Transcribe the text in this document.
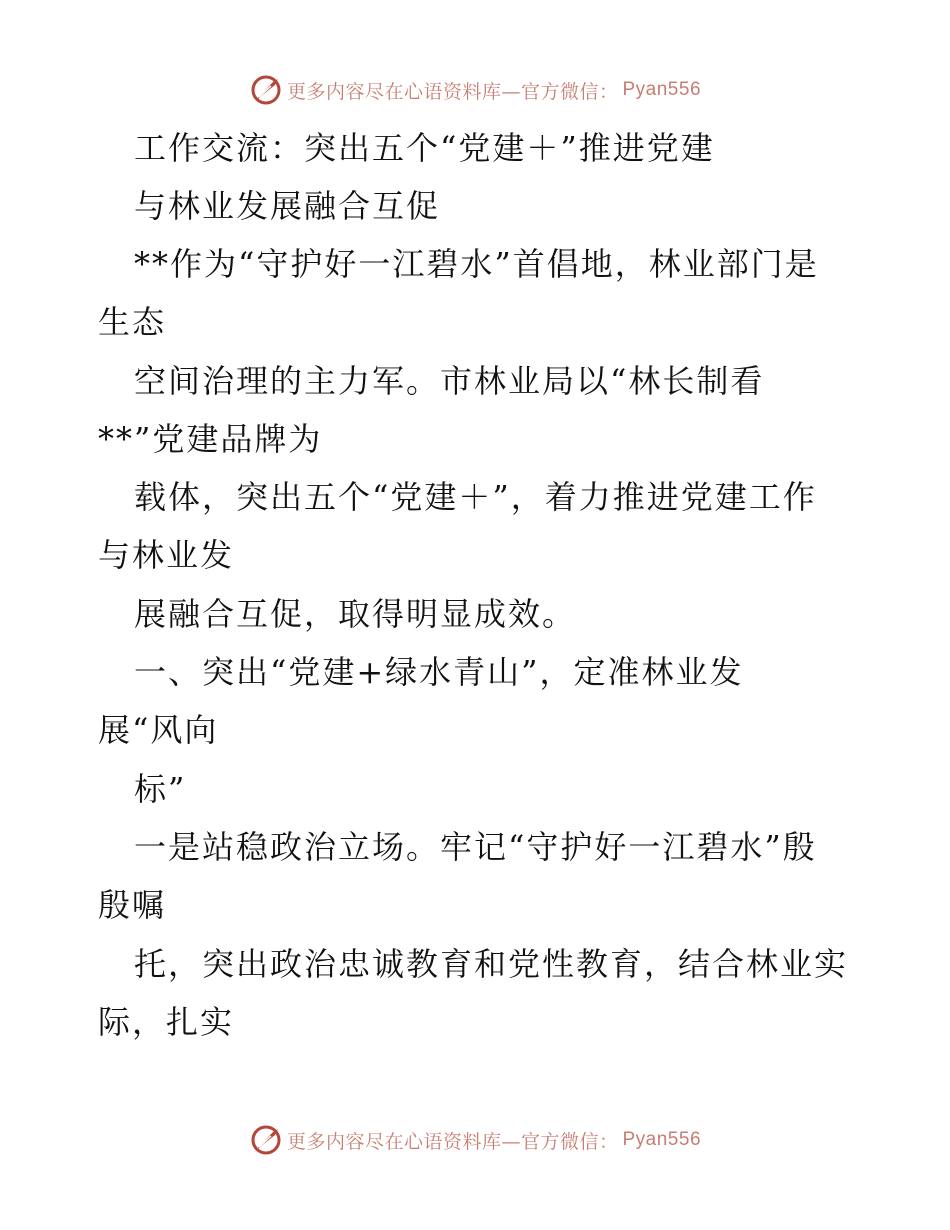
更多内容尽在心语资料库—官方微信： Pyan556
工作交流：突出五个“党建＋”推进党建
与林业发展融合互促
**作为“守护好一江碧水”首倡地，林业部门是
生态
空间治理的主力军。市林业局以“林长制看
**”党建品牌为
载体，突出五个“党建＋”，着力推进党建工作
与林业发
展融合互促，取得明显成效。
一、突出“党建+绿水青山”，定准林业发
展“风向
标”
一是站稳政治立场。牢记“守护好一江碧水”殷
殷嘱
托，突出政治忠诚教育和党性教育，结合林业实
际，扎实
更多内容尽在心语资料库—官方微信： Pyan556
